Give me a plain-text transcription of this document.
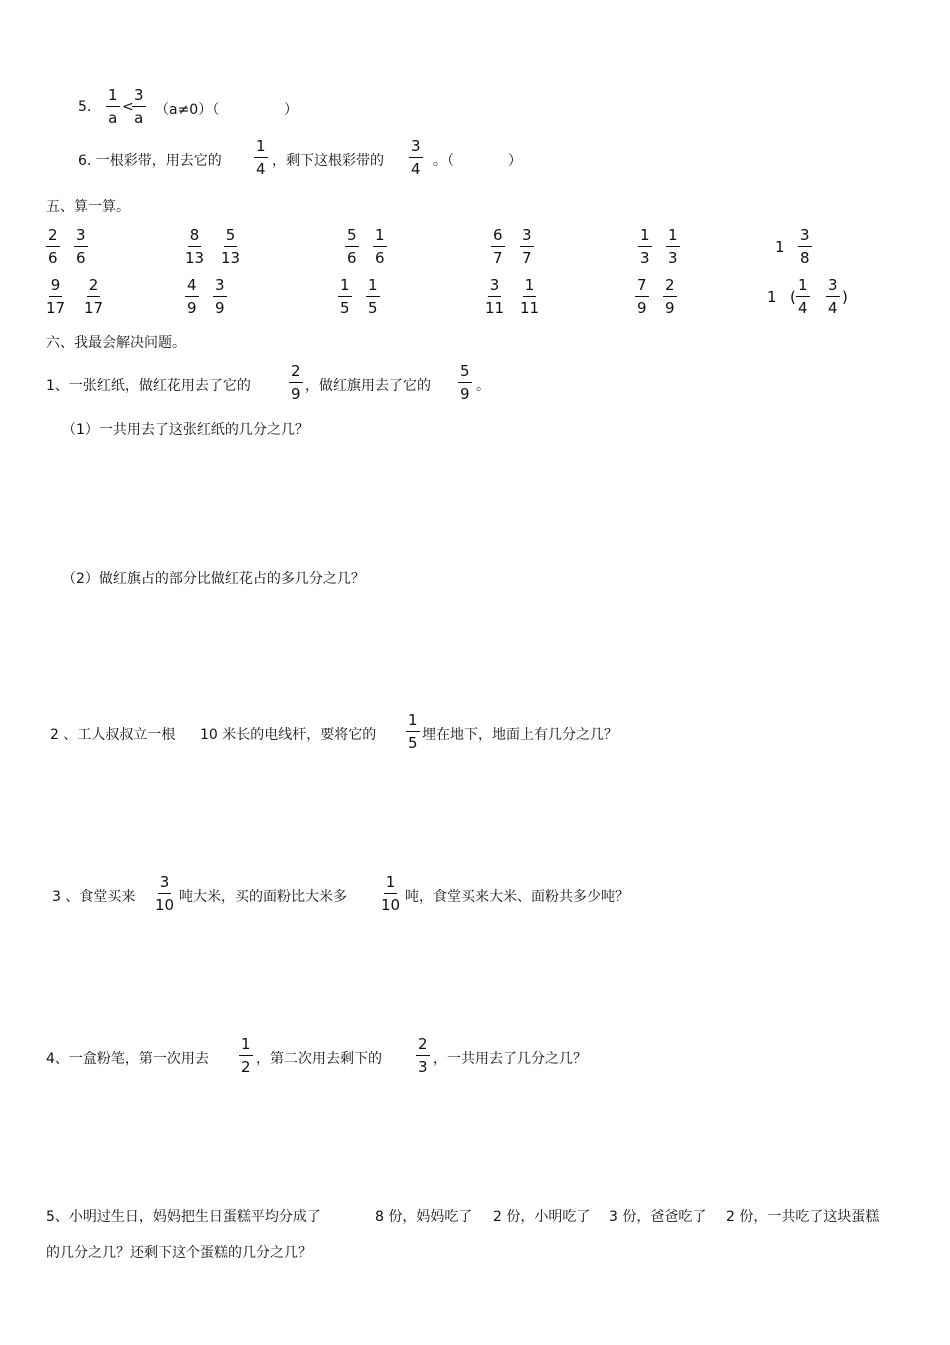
5. $\frac{1}{a}$ <
$\frac{3}{a} (a\ne 0)$（	）
6. 一根彩带，用去它的 $\frac{1}{4}$ ，剩下这根彩带的 $\frac{3}{4}$ 。（	）
五、算一算。
$\frac{2}{6} \frac{3}{6}$	$\frac{8}{13} \frac{5}{13}$	$\frac{5}{6} \frac{1}{6}$	$\frac{6}{7} \frac{3}{7}$	$\frac{1}{3} \frac{1}{3}$	$1 \frac{3}{8}$
$\frac{9}{17} \frac{2}{17}$	$\frac{4}{9} \frac{3}{9}$	$\frac{1}{5} \frac{1}{5}$	$\frac{3}{11} \frac{1}{11}$	$\frac{7}{9} \frac{2}{9}$	1 ( $\frac{1}{4} \frac{3}{4}$ )
六、我最会解决问题。
1、一张红纸，做红花用去了它的	$\frac{2}{9}$ ，做红旗用去了它的 $\frac{5}{9}$ 。
（1）一共用去了这张红纸的几分之几？
（2）做红旗占的部分比做红花占的多几分之几？
2 、工人叔叔立一根 10 米长的电线杆，要将它的 $\frac{1}{5}$ 埋在地下，地面上有几分之几？
3 、食堂买来 $\frac{3}{10}$ 吨大米，买的面粉比大米多 $\frac{1}{10}$ 吨，食堂买来大米、面粉共多少吨？
4、一盒粉笔，第一次用去 $\frac{1}{2}$ ，第二次用去剩下的 $\frac{2}{3}$ ，一共用去了几分之几？
5、小明过生日，妈妈把生日蛋糕平均分成了	8 份，妈妈吃了 2 份，小明吃了 3 份，爸爸吃了 2 份，一共吃了这块蛋糕
的几分之几？还剩下这个蛋糕的几分之几？
